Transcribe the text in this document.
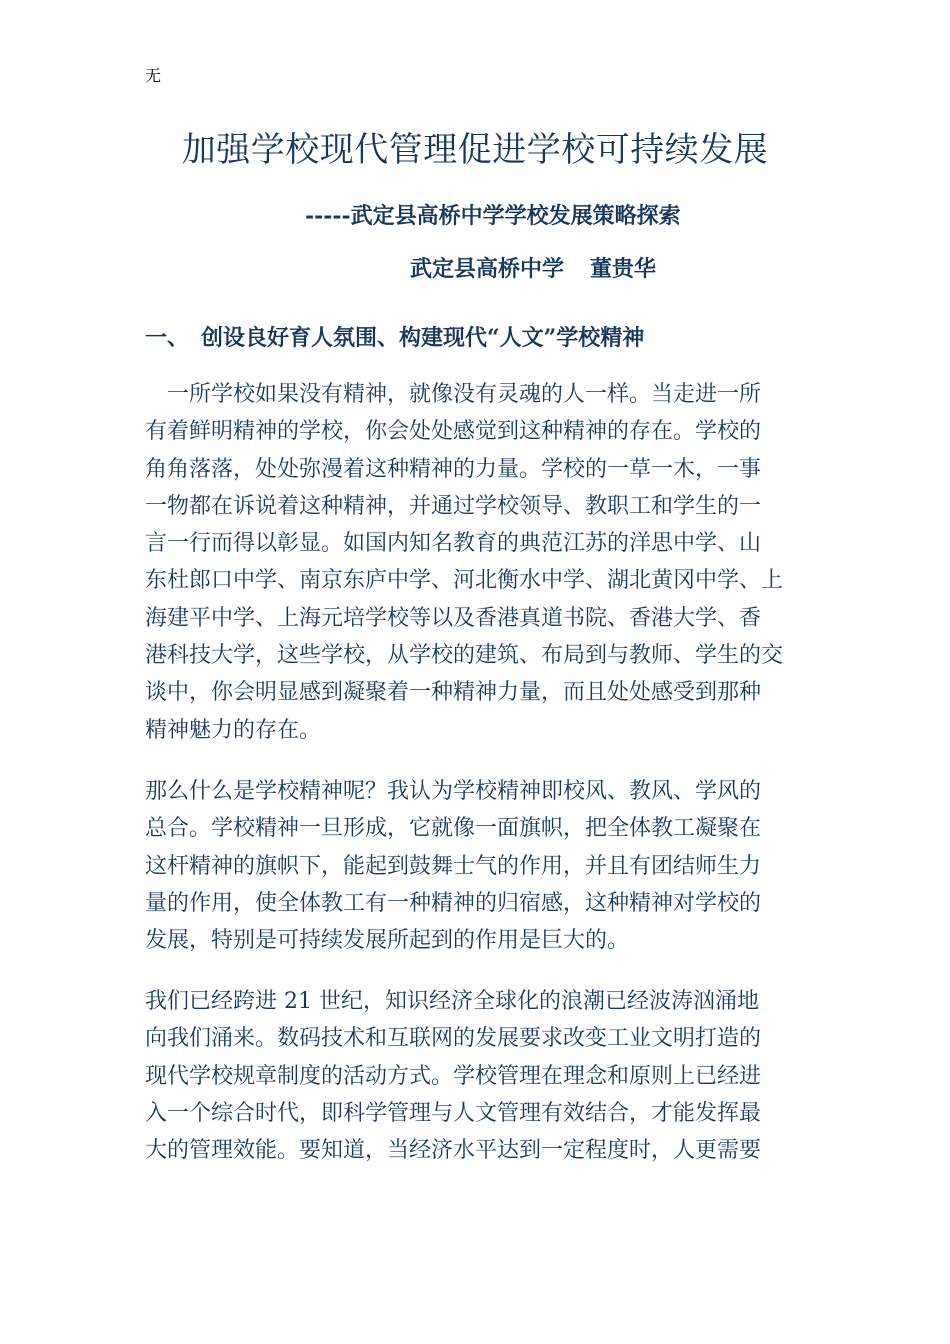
无
加强学校现代管理促进学校可持续发展
-----武定县高桥中学学校发展策略探索
武定县高桥中学 董贵华
一、 创设良好育人氛围、构建现代“人文”学校精神
　一所学校如果没有精神，就像没有灵魂的人一样。当走进一所
有着鲜明精神的学校，你会处处感觉到这种精神的存在。学校的
角角落落，处处弥漫着这种精神的力量。学校的一草一木，一事
一物都在诉说着这种精神，并通过学校领导、教职工和学生的一
言一行而得以彰显。如国内知名教育的典范江苏的洋思中学、山
东杜郎口中学、南京东庐中学、河北衡水中学、湖北黄冈中学、上
海建平中学、上海元培学校等以及香港真道书院、香港大学、香
港科技大学，这些学校，从学校的建筑、布局到与教师、学生的交
谈中，你会明显感到凝聚着一种精神力量，而且处处感受到那种
精神魅力的存在。
那么什么是学校精神呢？我认为学校精神即校风、教风、学风的
总合。学校精神一旦形成，它就像一面旗帜，把全体教工凝聚在
这杆精神的旗帜下，能起到鼓舞士气的作用，并且有团结师生力
量的作用，使全体教工有一种精神的归宿感，这种精神对学校的
发展，特别是可持续发展所起到的作用是巨大的。
我们已经跨进 21 世纪，知识经济全球化的浪潮已经波涛汹涌地
向我们涌来。数码技术和互联网的发展要求改变工业文明打造的
现代学校规章制度的活动方式。学校管理在理念和原则上已经进
入一个综合时代，即科学管理与人文管理有效结合，才能发挥最
大的管理效能。要知道，当经济水平达到一定程度时，人更需要
